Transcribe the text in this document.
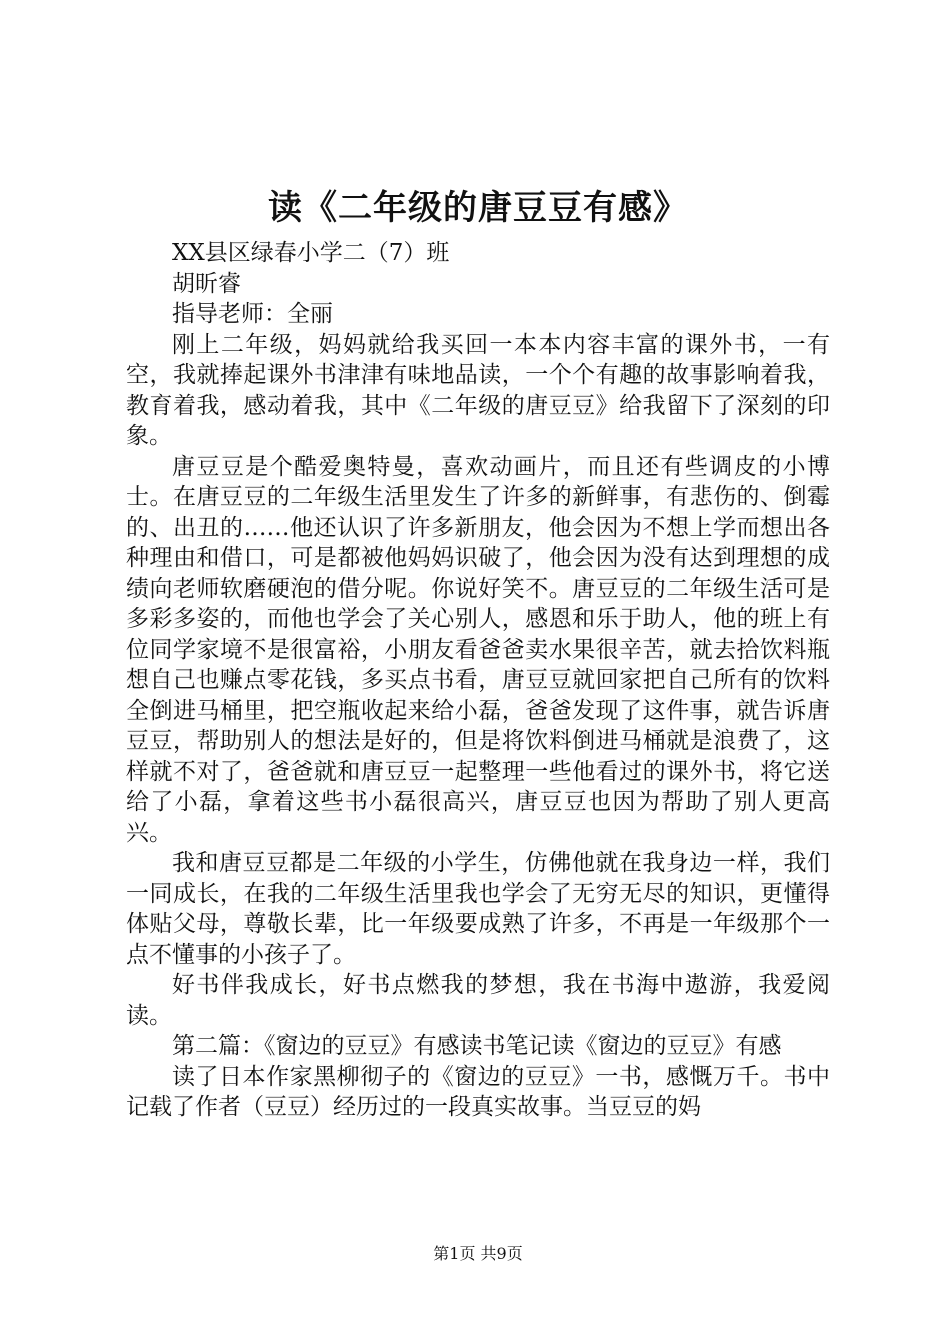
读《二年级的唐豆豆有感》

XX县区绿春小学二（7）班

胡昕睿

指导老师：全丽

刚上二年级，妈妈就给我买回一本本内容丰富的课外书，一有空，我就捧起课外书津津有味地品读，一个个有趣的故事影响着我，教育着我，感动着我，其中《二年级的唐豆豆》给我留下了深刻的印象。

唐豆豆是个酷爱奥特曼，喜欢动画片，而且还有些调皮的小博士。在唐豆豆的二年级生活里发生了许多的新鲜事，有悲伤的、倒霉的、出丑的……他还认识了许多新朋友，他会因为不想上学而想出各种理由和借口，可是都被他妈妈识破了，他会因为没有达到理想的成绩向老师软磨硬泡的借分呢。你说好笑不。唐豆豆的二年级生活可是多彩多姿的，而他也学会了关心别人，感恩和乐于助人，他的班上有位同学家境不是很富裕，小朋友看爸爸卖水果很辛苦，就去拾饮料瓶想自己也赚点零花钱，多买点书看，唐豆豆就回家把自己所有的饮料全倒进马桶里，把空瓶收起来给小磊，爸爸发现了这件事，就告诉唐豆豆，帮助别人的想法是好的，但是将饮料倒进马桶就是浪费了，这样就不对了，爸爸就和唐豆豆一起整理一些他看过的课外书，将它送给了小磊，拿着这些书小磊很高兴，唐豆豆也因为帮助了别人更高兴。

我和唐豆豆都是二年级的小学生，仿佛他就在我身边一样，我们一同成长，在我的二年级生活里我也学会了无穷无尽的知识，更懂得体贴父母，尊敬长辈，比一年级要成熟了许多，不再是一年级那个一点不懂事的小孩子了。

好书伴我成长，好书点燃我的梦想，我在书海中遨游，我爱阅读。

第二篇：《窗边的豆豆》有感读书笔记读《窗边的豆豆》有感

读了日本作家黑柳彻子的《窗边的豆豆》一书，感慨万千。书中记载了作者（豆豆）经历过的一段真实故事。当豆豆的妈

第1页 共9页
